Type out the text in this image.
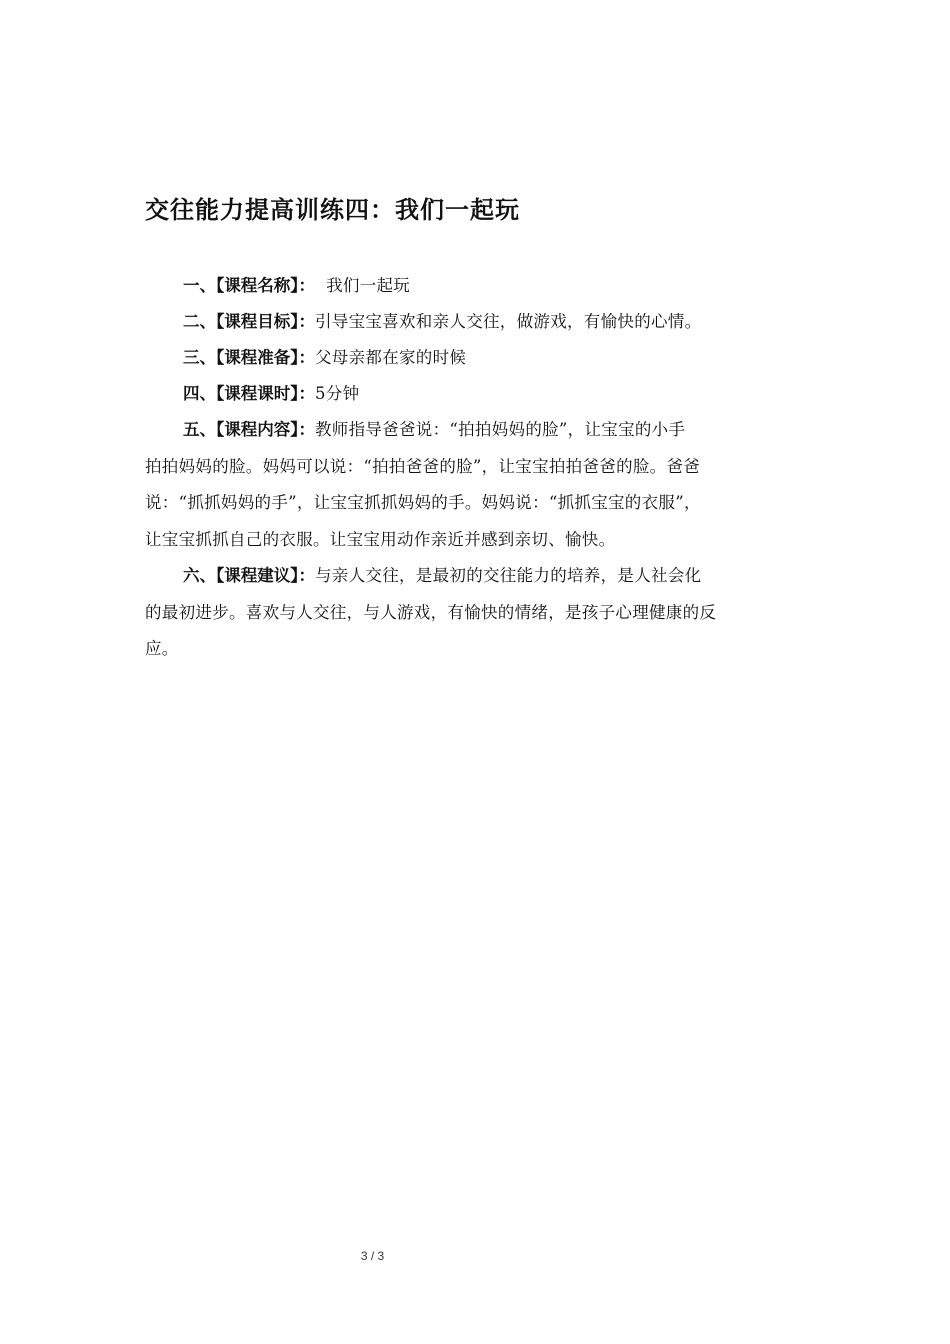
交往能力提高训练四：我们一起玩

一、【课程名称】：  我们一起玩

二、【课程目标】：引导宝宝喜欢和亲人交往，做游戏，有愉快的心情。

三、【课程准备】：父母亲都在家的时候

四、【课程课时】：5分钟

五、【课程内容】：教师指导爸爸说：“拍拍妈妈的脸”，让宝宝的小手
拍拍妈妈的脸。妈妈可以说：“拍拍爸爸的脸”，让宝宝拍拍爸爸的脸。爸爸
说：“抓抓妈妈的手”，让宝宝抓抓妈妈的手。妈妈说：“抓抓宝宝的衣服”，
让宝宝抓抓自己的衣服。让宝宝用动作亲近并感到亲切、愉快。
六、【课程建议】：与亲人交往，是最初的交往能力的培养，是人社会化
的最初进步。喜欢与人交往，与人游戏，有愉快的情绪，是孩子心理健康的反
应。
3 / 3
